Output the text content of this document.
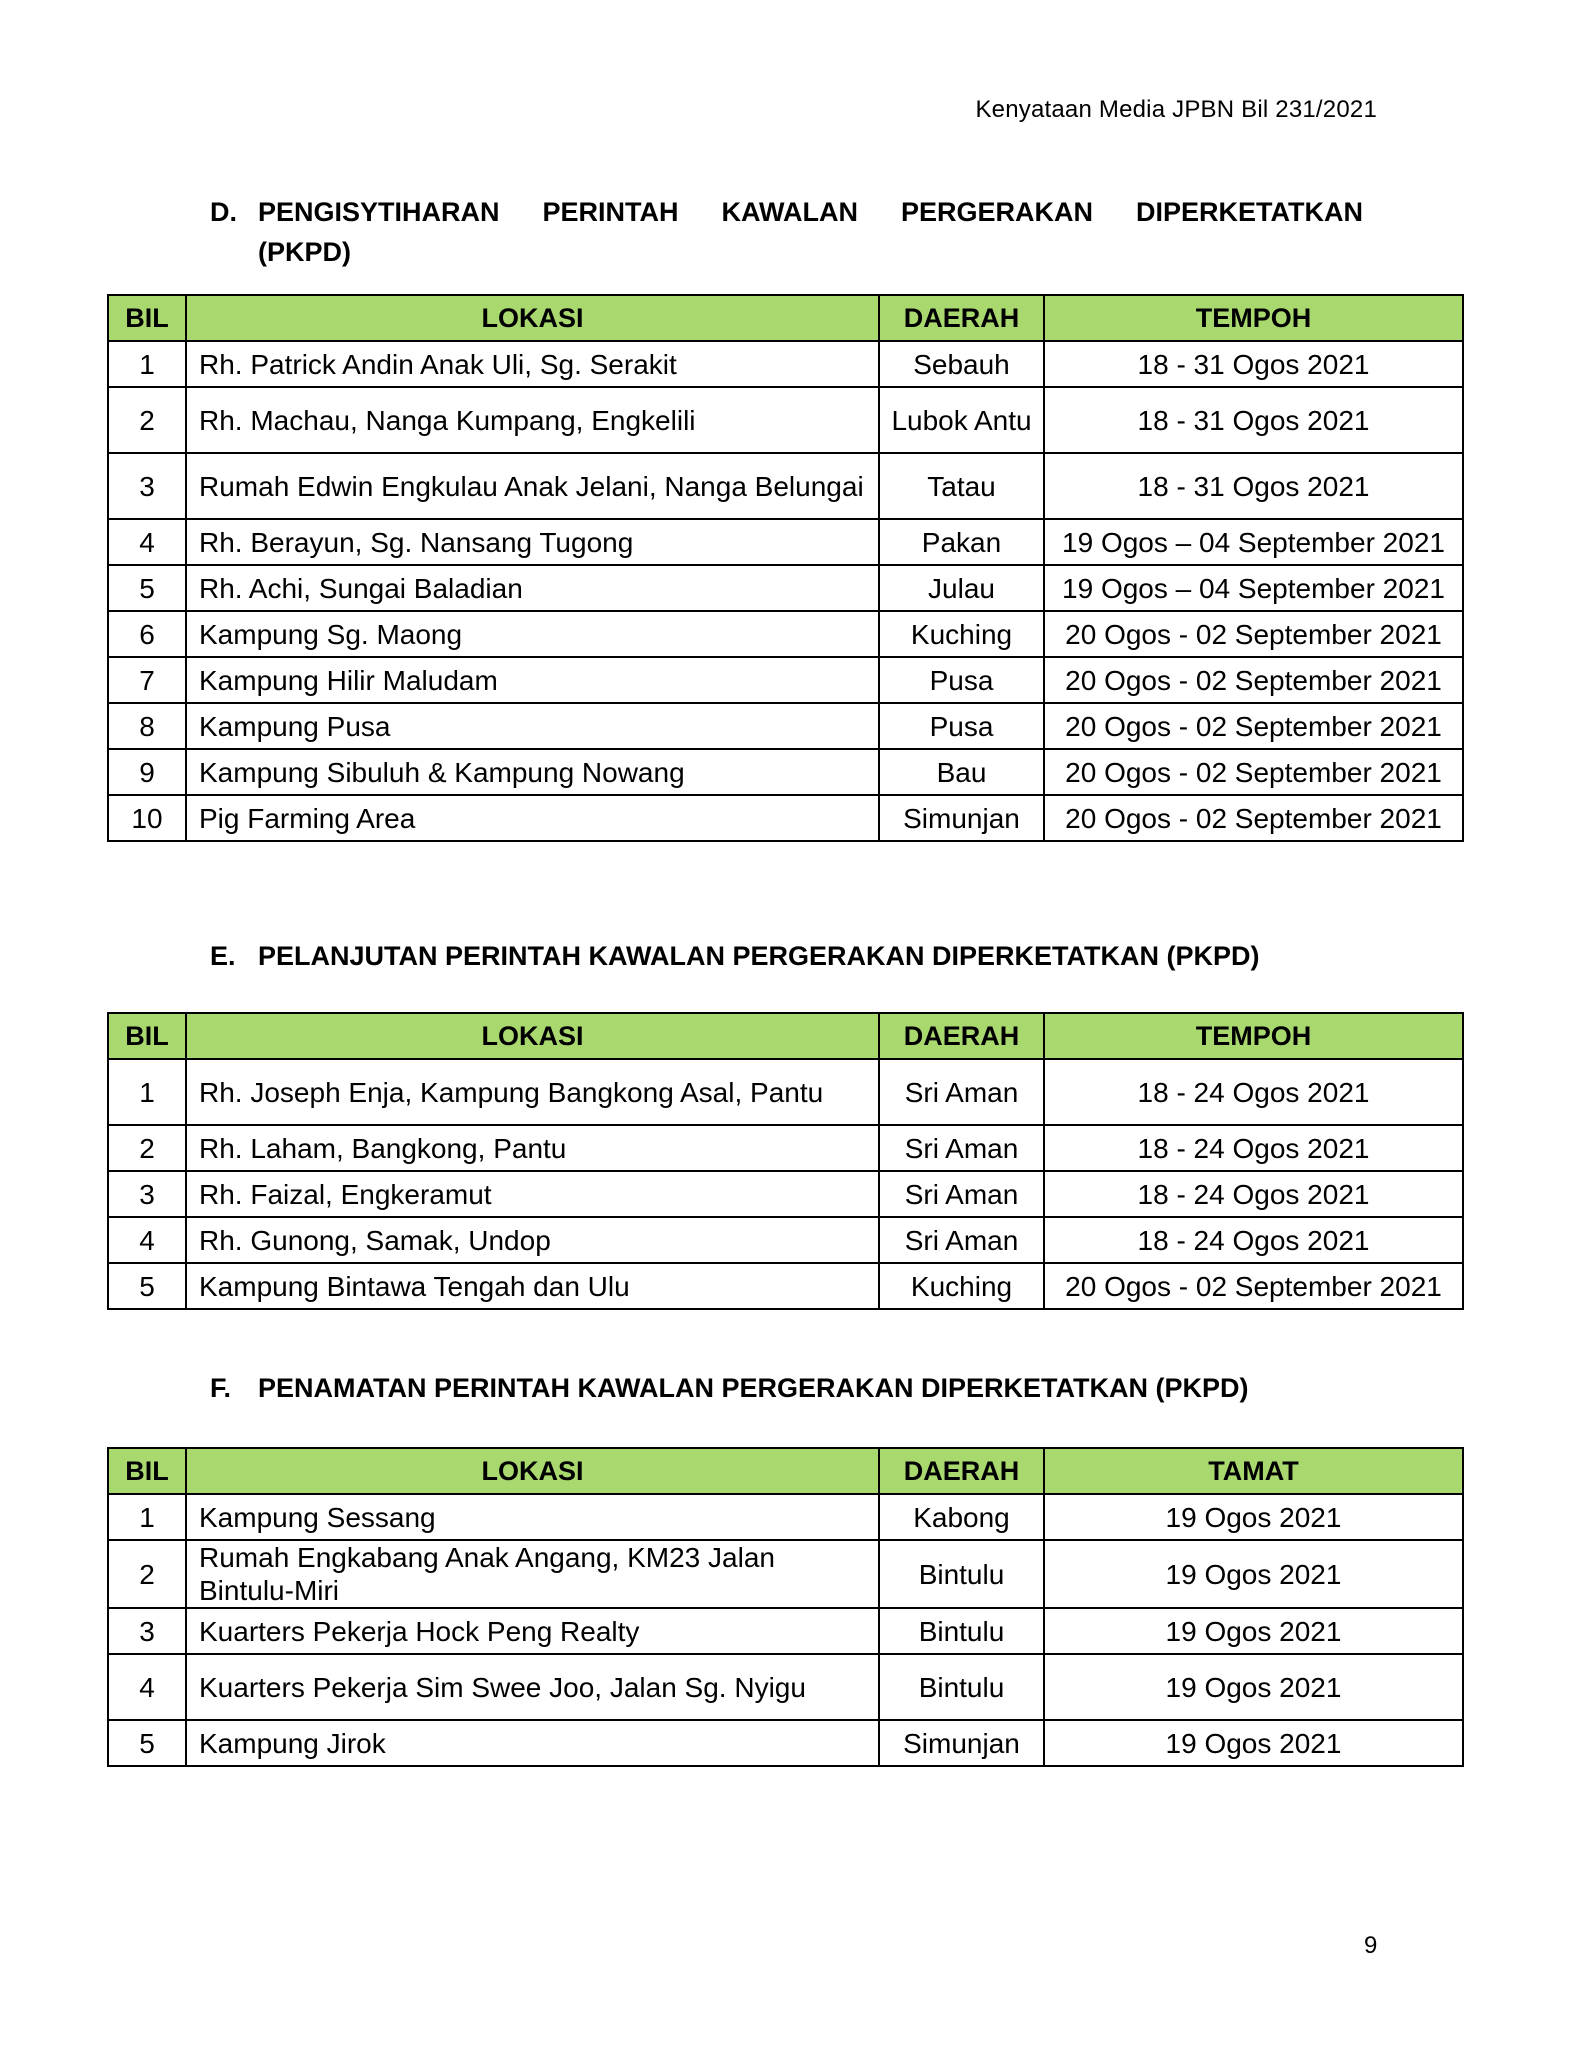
Kenyataan Media JPBN Bil 231/2021
D. PENGISYTIHARAN PERINTAH KAWALAN PERGERAKAN DIPERKETATKAN
(PKPD)
BIL	LOKASI	DAERAH	TEMPOH
1	Rh. Patrick Andin Anak Uli, Sg. Serakit	Sebauh	18 - 31 Ogos 2021
2	Rh. Machau, Nanga Kumpang, Engkelili	Lubok Antu	18 - 31 Ogos 2021
3	Rumah Edwin Engkulau Anak Jelani, Nanga Belungai	Tatau	18 - 31 Ogos 2021
4	Rh. Berayun, Sg. Nansang Tugong	Pakan	19 Ogos – 04 September 2021
5	Rh. Achi, Sungai Baladian	Julau	19 Ogos – 04 September 2021
6	Kampung Sg. Maong	Kuching	20 Ogos - 02 September 2021
7	Kampung Hilir Maludam	Pusa	20 Ogos - 02 September 2021
8	Kampung Pusa	Pusa	20 Ogos - 02 September 2021
9	Kampung Sibuluh & Kampung Nowang	Bau	20 Ogos - 02 September 2021
10	Pig Farming Area	Simunjan	20 Ogos - 02 September 2021
E. PELANJUTAN PERINTAH KAWALAN PERGERAKAN DIPERKETATKAN (PKPD)
BIL	LOKASI	DAERAH	TEMPOH
1	Rh. Joseph Enja, Kampung Bangkong Asal, Pantu	Sri Aman	18 - 24 Ogos 2021
2	Rh. Laham, Bangkong, Pantu	Sri Aman	18 - 24 Ogos 2021
3	Rh. Faizal, Engkeramut	Sri Aman	18 - 24 Ogos 2021
4	Rh. Gunong, Samak, Undop	Sri Aman	18 - 24 Ogos 2021
5	Kampung Bintawa Tengah dan Ulu	Kuching	20 Ogos - 02 September 2021
F. PENAMATAN PERINTAH KAWALAN PERGERAKAN DIPERKETATKAN (PKPD)
BIL	LOKASI	DAERAH	TAMAT
1	Kampung Sessang	Kabong	19 Ogos 2021
2	Rumah Engkabang Anak Angang, KM23 Jalan Bintulu-Miri	Bintulu	19 Ogos 2021
3	Kuarters Pekerja Hock Peng Realty	Bintulu	19 Ogos 2021
4	Kuarters Pekerja Sim Swee Joo, Jalan Sg. Nyigu	Bintulu	19 Ogos 2021
5	Kampung Jirok	Simunjan	19 Ogos 2021
9
